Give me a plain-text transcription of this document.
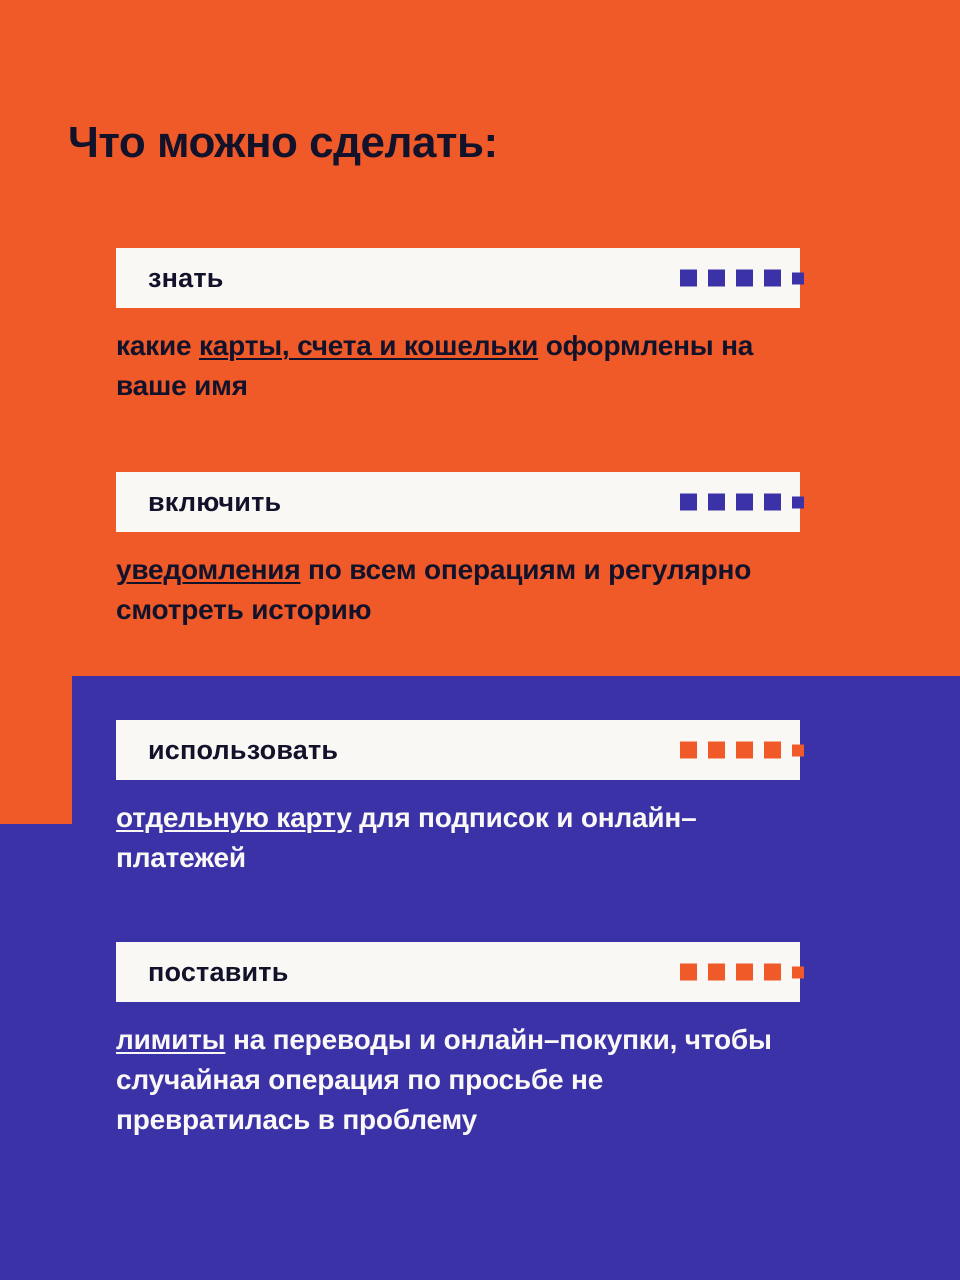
Что можно сделать:
знать
какие карты, счета и кошельки оформлены на ваше имя
включить
уведомления по всем операциям и регулярно смотреть историю
использовать
отдельную карту для подписок и онлайн–платежей
поставить
лимиты на переводы и онлайн–покупки, чтобы случайная операция по просьбе не превратилась в проблему
